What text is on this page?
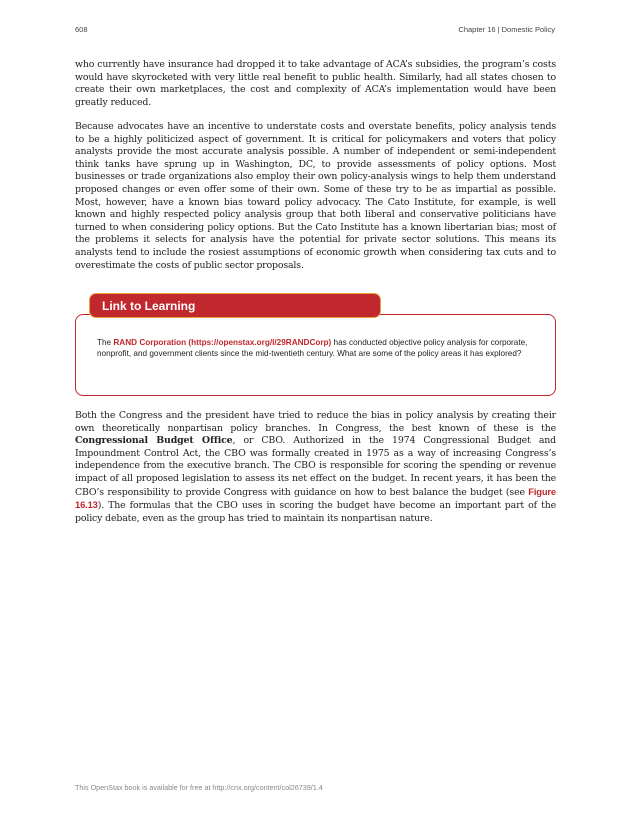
608	Chapter 16 | Domestic Policy

who currently have insurance had dropped it to take advantage of ACA’s subsidies, the program’s costs would have skyrocketed with very little real benefit to public health. Similarly, had all states chosen to create their own marketplaces, the cost and complexity of ACA’s implementation would have been greatly reduced.

Because advocates have an incentive to understate costs and overstate benefits, policy analysis tends to be a highly politicized aspect of government. It is critical for policymakers and voters that policy analysts provide the most accurate analysis possible. A number of independent or semi-independent think tanks have sprung up in Washington, DC, to provide assessments of policy options. Most businesses or trade organizations also employ their own policy-analysis wings to help them understand proposed changes or even offer some of their own. Some of these try to be as impartial as possible. Most, however, have a known bias toward policy advocacy. The Cato Institute, for example, is well known and highly respected policy analysis group that both liberal and conservative politicians have turned to when considering policy options. But the Cato Institute has a known libertarian bias; most of the problems it selects for analysis have the potential for private sector solutions. This means its analysts tend to include the rosiest assumptions of economic growth when considering tax cuts and to overestimate the costs of public sector proposals.

Link to Learning

The RAND Corporation (https://openstax.org/l/29RANDCorp) has conducted objective policy analysis for corporate, nonprofit, and government clients since the mid-twentieth century. What are some of the policy areas it has explored?

Both the Congress and the president have tried to reduce the bias in policy analysis by creating their own theoretically nonpartisan policy branches. In Congress, the best known of these is the Congressional Budget Office, or CBO. Authorized in the 1974 Congressional Budget and Impoundment Control Act, the CBO was formally created in 1975 as a way of increasing Congress’s independence from the executive branch. The CBO is responsible for scoring the spending or revenue impact of all proposed legislation to assess its net effect on the budget. In recent years, it has been the CBO’s responsibility to provide Congress with guidance on how to best balance the budget (see Figure 16.13). The formulas that the CBO uses in scoring the budget have become an important part of the policy debate, even as the group has tried to maintain its nonpartisan nature.

This OpenStax book is available for free at http://cnx.org/content/col26739/1.4
